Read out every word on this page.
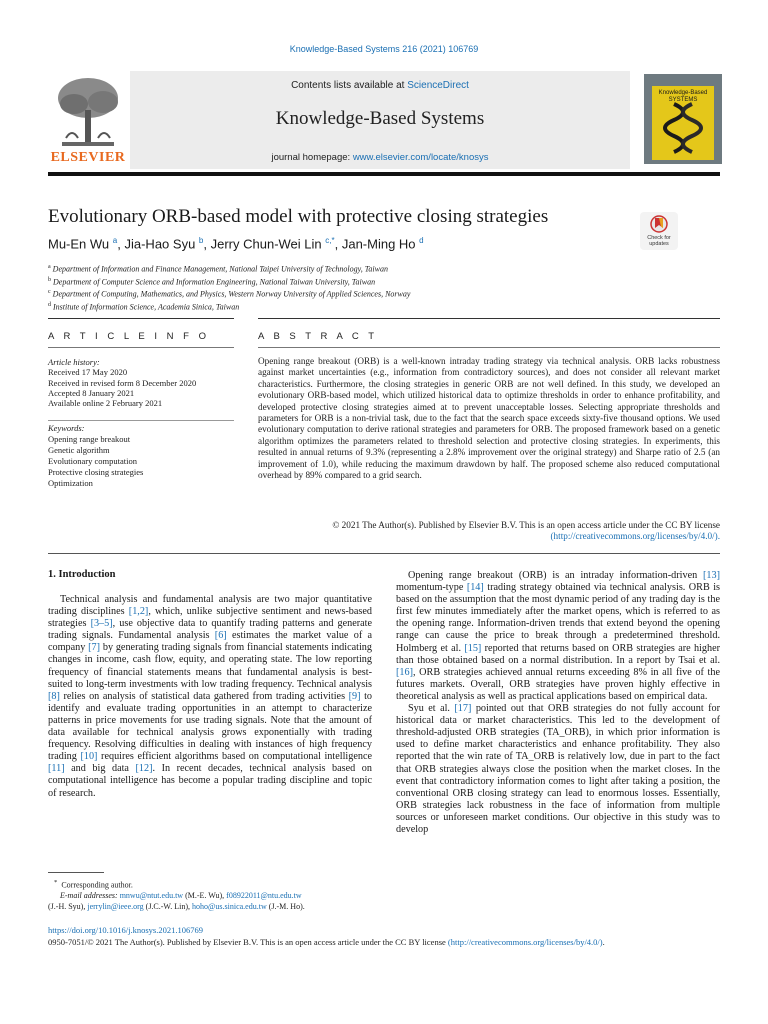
Knowledge-Based Systems 216 (2021) 106769
Contents lists available at ScienceDirect
Knowledge-Based Systems
journal homepage: www.elsevier.com/locate/knosys
ELSEVIER
Knowledge-Based SYSTEMS
Evolutionary ORB-based model with protective closing strategies
Mu-En Wu $^a$, Jia-Hao Syu $^b$, Jerry Chun-Wei Lin $^{c,*}$, Jan-Ming Ho $^d$	Check for updates
$^a$ Department of Information and Finance Management, National Taipei University of Technology, Taiwan
$^b$ Department of Computer Science and Information Engineering, National Taiwan University, Taiwan
$^c$ Department of Computing, Mathematics, and Physics, Western Norway University of Applied Sciences, Norway
$^d$ Institute of Information Science, Academia Sinica, Taiwan
A R T I C L E I N F O	A B S T R A C T
Article history:
Received 17 May 2020
Received in revised form 8 December 2020
Accepted 8 January 2021
Available online 2 February 2021
Keywords:
Opening range breakout
Genetic algorithm
Evolutionary computation
Protective closing strategies
Optimization
Opening range breakout (ORB) is a well-known intraday trading strategy via technical analysis. ORB lacks robustness against market uncertainties (e.g., information from contradictory sources), and does not consider all relevant market characteristics. Furthermore, the closing strategies in generic ORB are not well defined. In this study, we developed an evolutionary ORB-based model, which utilized historical data to optimize thresholds in order to enhance profitability, and developed protective closing strategies aimed at to prevent unacceptable losses. Selecting appropriate thresholds and parameters for ORB is a non-trivial task, due to the fact that the search space exceeds sixty-five thousand options. We used evolutionary computation to derive rational strategies and parameters for ORB. The proposed framework based on a genetic algorithm optimizes the parameters related to threshold selection and protective closing strategies. In experiments, this resulted in annual returns of 9.3% (representing a 2.8% improvement over the original strategy) and Sharpe ratio of 2.5 (an improvement of 1.0), while reducing the maximum drawdown by half. The proposed scheme also reduced computational overhead by 89% compared to a grid search.
© 2021 The Author(s). Published by Elsevier B.V. This is an open access article under the CC BY license
(http://creativecommons.org/licenses/by/4.0/).
1. Introduction

Technical analysis and fundamental analysis are two major quantitative trading disciplines [1,2], which, unlike subjective sentiment and news-based strategies [3–5], use objective data to quantify trading patterns and generate trading signals. Fundamental analysis [6] estimates the market value of a company [7] by generating trading signals from financial statements indicating changes in income, cash flow, equity, and operating state. The low reporting frequency of financial statements means that fundamental analysis is best-suited to long-term investments with low trading frequency. Technical analysis [8] relies on analysis of statistical data gathered from trading activities [9] to identify and evaluate trading opportunities in an attempt to characterize patterns in price movements for use trading signals. Note that the amount of data available for technical analysis grows exponentially with trading frequency. Resolving difficulties in dealing with instances of high frequency trading [10] requires efficient algorithms based on computational intelligence [11] and big data [12]. In recent decades, technical analysis based on computational intelligence has become a popular trading discipline and topic of research.

Opening range breakout (ORB) is an intraday information-driven [13] momentum-type [14] trading strategy obtained via technical analysis. ORB is based on the assumption that the most dynamic period of any trading day is the first few minutes immediately after the market opens, which is referred to as the opening range. Information-driven trends that extend beyond the opening range can cause the price to break through a predetermined threshold. Holmberg et al. [15] reported that returns based on ORB strategies are higher than those obtained based on a normal distribution. In a report by Tsai et al. [16], ORB strategies achieved annual returns exceeding 8% in all five of the futures markets. Overall, ORB strategies have proven highly effective in theoretical analysis as well as practical applications based on empirical data.

Syu et al. [17] pointed out that ORB strategies do not fully account for historical data or market characteristics. This led to the development of threshold-adjusted ORB strategies (TA_ORB), in which prior information is used to define market characteristics and enhance profitability. They also reported that the win rate of TA_ORB is relatively low, due in part to the fact that ORB strategies always close the position when the market closes. In the event that contradictory information comes to light after taking a position, the conventional ORB closing strategy can lead to enormous losses. Essentially, ORB strategies lack robustness in the face of information from multiple sources or unforeseen market conditions. Our objective in this study was to develop

* Corresponding author.
E-mail addresses: mnwu@ntut.edu.tw (M.-E. Wu), f08922011@ntu.edu.tw
(J.-H. Syu), jerrylin@ieee.org (J.C.-W. Lin), hoho@us.sinica.edu.tw (J.-M. Ho).
https://doi.org/10.1016/j.knosys.2021.106769
0950-7051/© 2021 The Author(s). Published by Elsevier B.V. This is an open access article under the CC BY license (http://creativecommons.org/licenses/by/4.0/).
